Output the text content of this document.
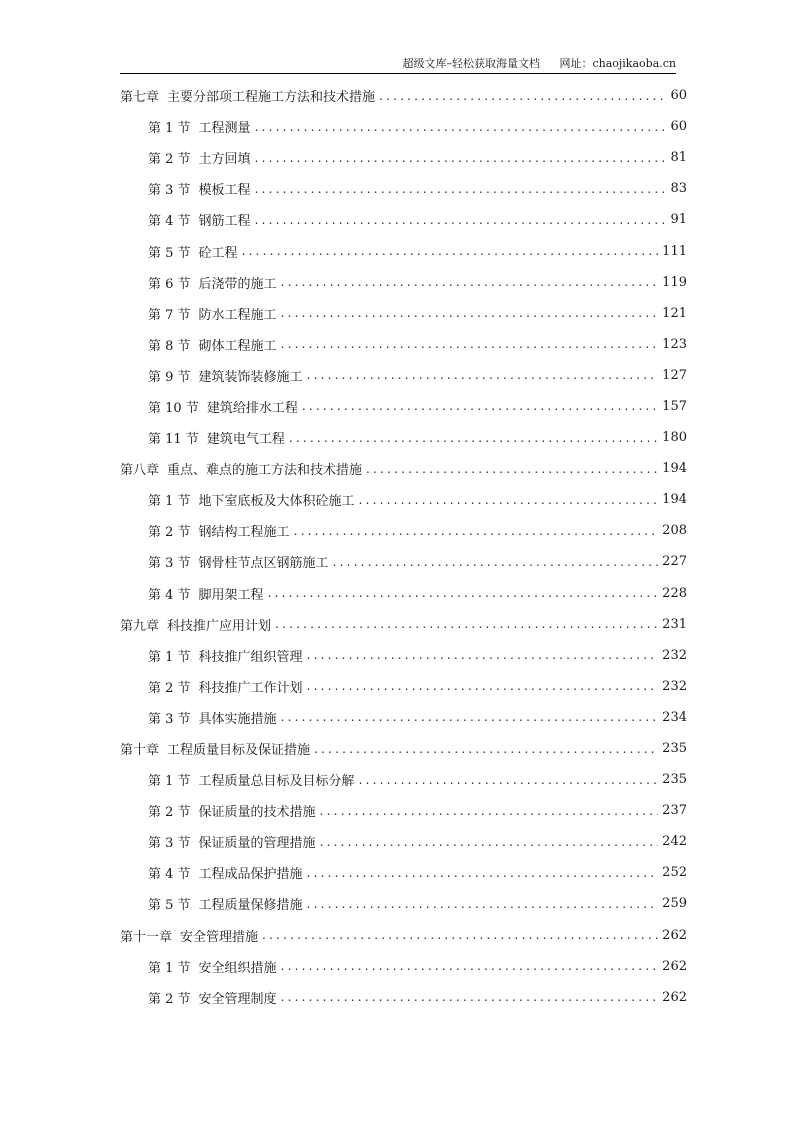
超级文库–轻松获取海量文档 网址：chaojikaoba.cn
第七章 主要分部项工程施工方法和技术措施 .....	60
第 1 节 工程测量 .....	60
第 2 节 土方回填 .....	81
第 3 节 模板工程 .....	83
第 4 节 钢筋工程 .....	91
第 5 节 砼工程 .....	111
第 6 节 后浇带的施工 .....	119
第 7 节 防水工程施工 .....	121
第 8 节 砌体工程施工 .....	123
第 9 节 建筑装饰装修施工 .....	127
第 10 节 建筑给排水工程 .....	157
第 11 节 建筑电气工程 .....	180
第八章 重点、难点的施工方法和技术措施 .....	194
第 1 节 地下室底板及大体积砼施工 .....	194
第 2 节 钢结构工程施工 .....	208
第 3 节 钢骨柱节点区钢筋施工 .....	227
第 4 节 脚用架工程 .....	228
第九章 科技推广应用计划 .....	231
第 1 节 科技推广组织管理 .....	232
第 2 节 科技推广工作计划 .....	232
第 3 节 具体实施措施 .....	234
第十章 工程质量目标及保证措施 .....	235
第 1 节 工程质量总目标及目标分解 .....	235
第 2 节 保证质量的技术措施 .....	237
第 3 节 保证质量的管理措施 .....	242
第 4 节 工程成品保护措施 .....	252
第 5 节 工程质量保修措施 .....	259
第十一章 安全管理措施 .....	262
第 1 节 安全组织措施 .....	262
第 2 节 安全管理制度 .....	262
